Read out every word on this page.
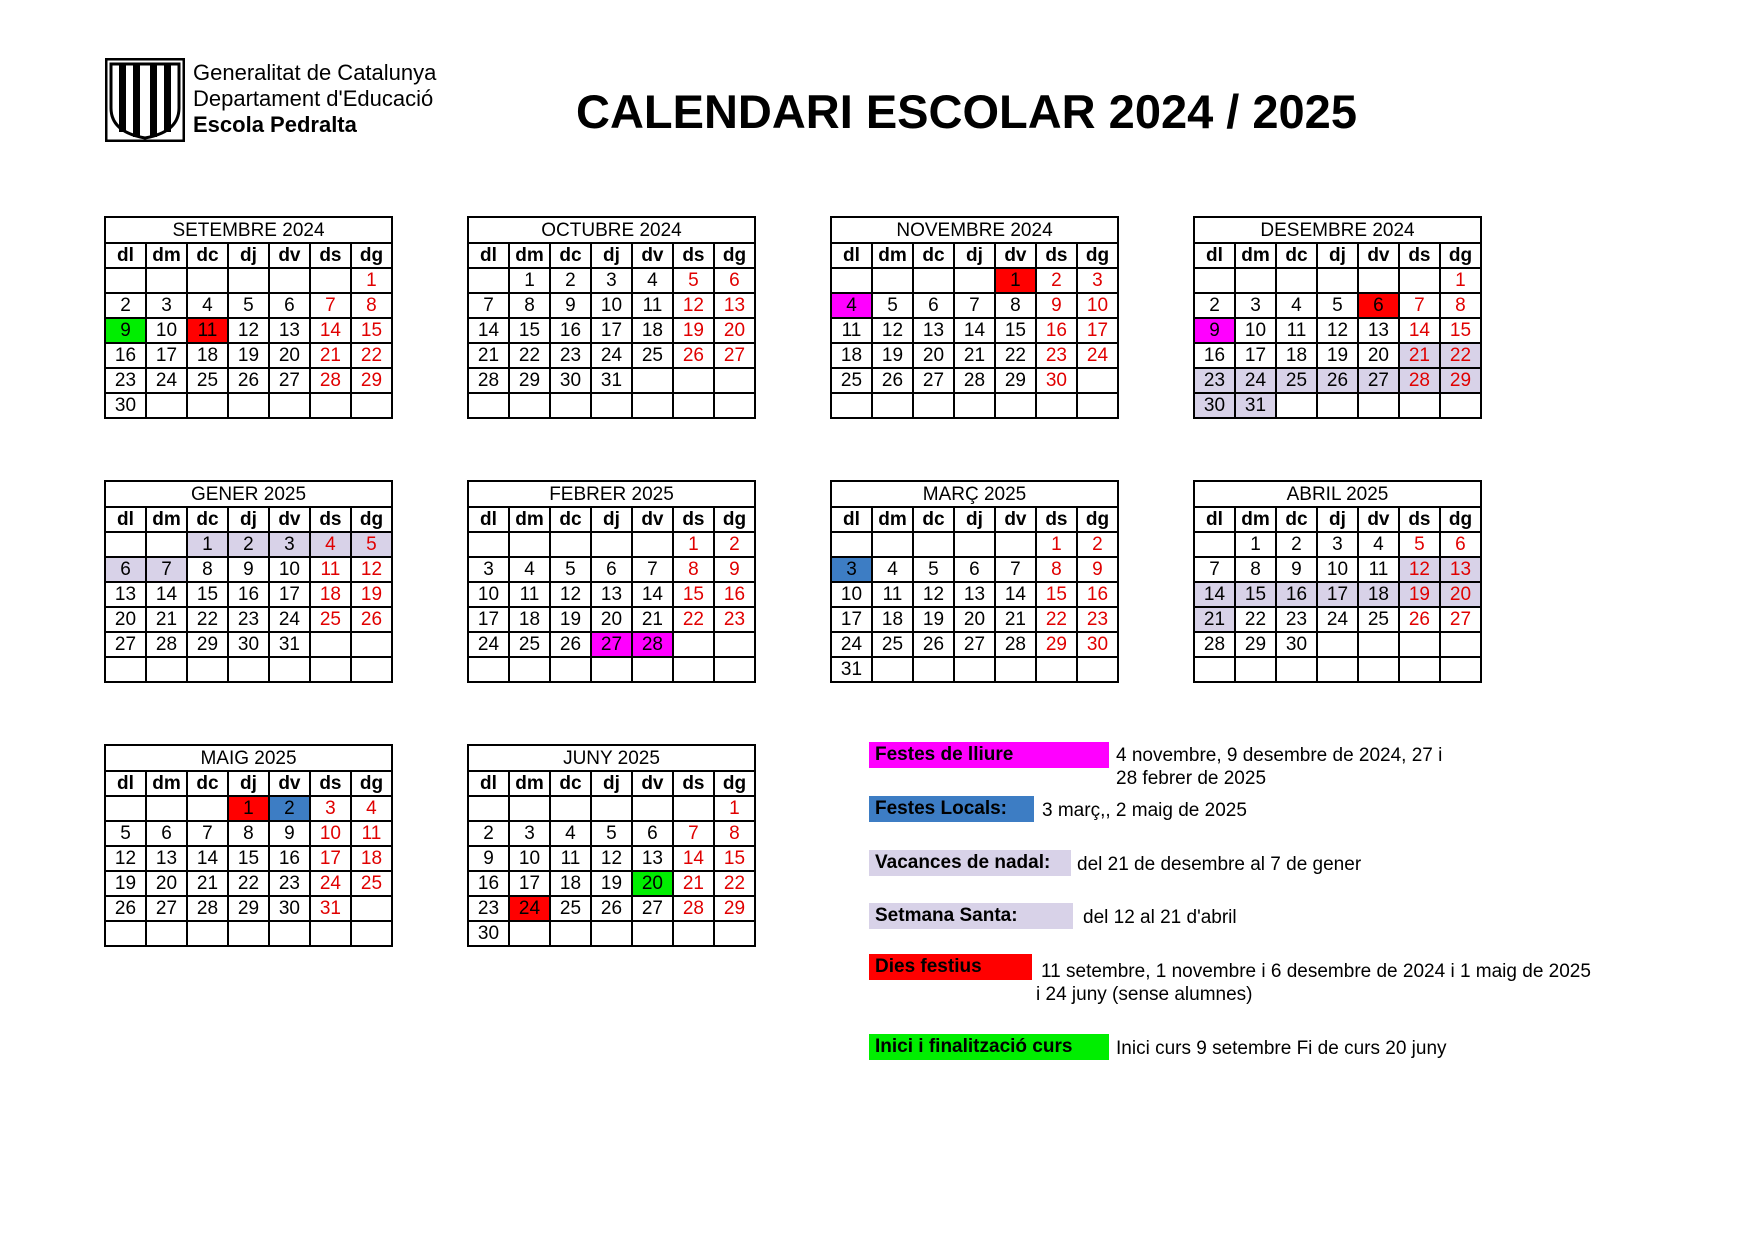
Generalitat de Catalunya
Departament d'Educació
Escola Pedralta	CALENDARI ESCOLAR 2024 / 2025
SETEMBRE 2024						
dl	dm	dc	dj	dv	ds	dg
						1
2	3	4	5	6	7	8
9	10	11	12	13	14	15
16	17	18	19	20	21	22
23	24	25	26	27	28	29
30						
OCTUBRE 2024						
dl	dm	dc	dj	dv	ds	dg
	1	2	3	4	5	6
7	8	9	10	11	12	13
14	15	16	17	18	19	20
21	22	23	24	25	26	27
28	29	30	31			

NOVEMBRE 2024						
dl	dm	dc	dj	dv	ds	dg
				1	2	3
4	5	6	7	8	9	10
11	12	13	14	15	16	17
18	19	20	21	22	23	24
25	26	27	28	29	30	

DESEMBRE 2024						
dl	dm	dc	dj	dv	ds	dg
						1
2	3	4	5	6	7	8
9	10	11	12	13	14	15
16	17	18	19	20	21	22
23	24	25	26	27	28	29
30	31					
GENER 2025						
dl	dm	dc	dj	dv	ds	dg
		1	2	3	4	5
6	7	8	9	10	11	12
13	14	15	16	17	18	19
20	21	22	23	24	25	26
27	28	29	30	31		

FEBRER 2025						
dl	dm	dc	dj	dv	ds	dg
					1	2
3	4	5	6	7	8	9
10	11	12	13	14	15	16
17	18	19	20	21	22	23
24	25	26	27	28		

MARÇ 2025						
dl	dm	dc	dj	dv	ds	dg
					1	2
3	4	5	6	7	8	9
10	11	12	13	14	15	16
17	18	19	20	21	22	23
24	25	26	27	28	29	30
31						
ABRIL 2025						
dl	dm	dc	dj	dv	ds	dg
	1	2	3	4	5	6
7	8	9	10	11	12	13
14	15	16	17	18	19	20
21	22	23	24	25	26	27
28	29	30				

MAIG 2025						
dl	dm	dc	dj	dv	ds	dg
			1	2	3	4
5	6	7	8	9	10	11
12	13	14	15	16	17	18
19	20	21	22	23	24	25
26	27	28	29	30	31	

JUNY 2025						
dl	dm	dc	dj	dv	ds	dg
						1
2	3	4	5	6	7	8
9	10	11	12	13	14	15
16	17	18	19	20	21	22
23	24	25	26	27	28	29
30						
Festes de lliure	4 novembre, 9 desembre de 2024, 27 i
28 febrer de 2025
Festes Locals:	3 març,, 2 maig de 2025
Vacances de nadal:	del 21 de desembre al 7 de gener
Setmana Santa:	del 12 al 21 d'abril
Dies festius	11 setembre, 1 novembre i 6 desembre de 2024 i 1 maig de 2025
i 24 juny (sense alumnes)
Inici i finalització curs	Inici curs 9 setembre Fi de curs 20 juny
